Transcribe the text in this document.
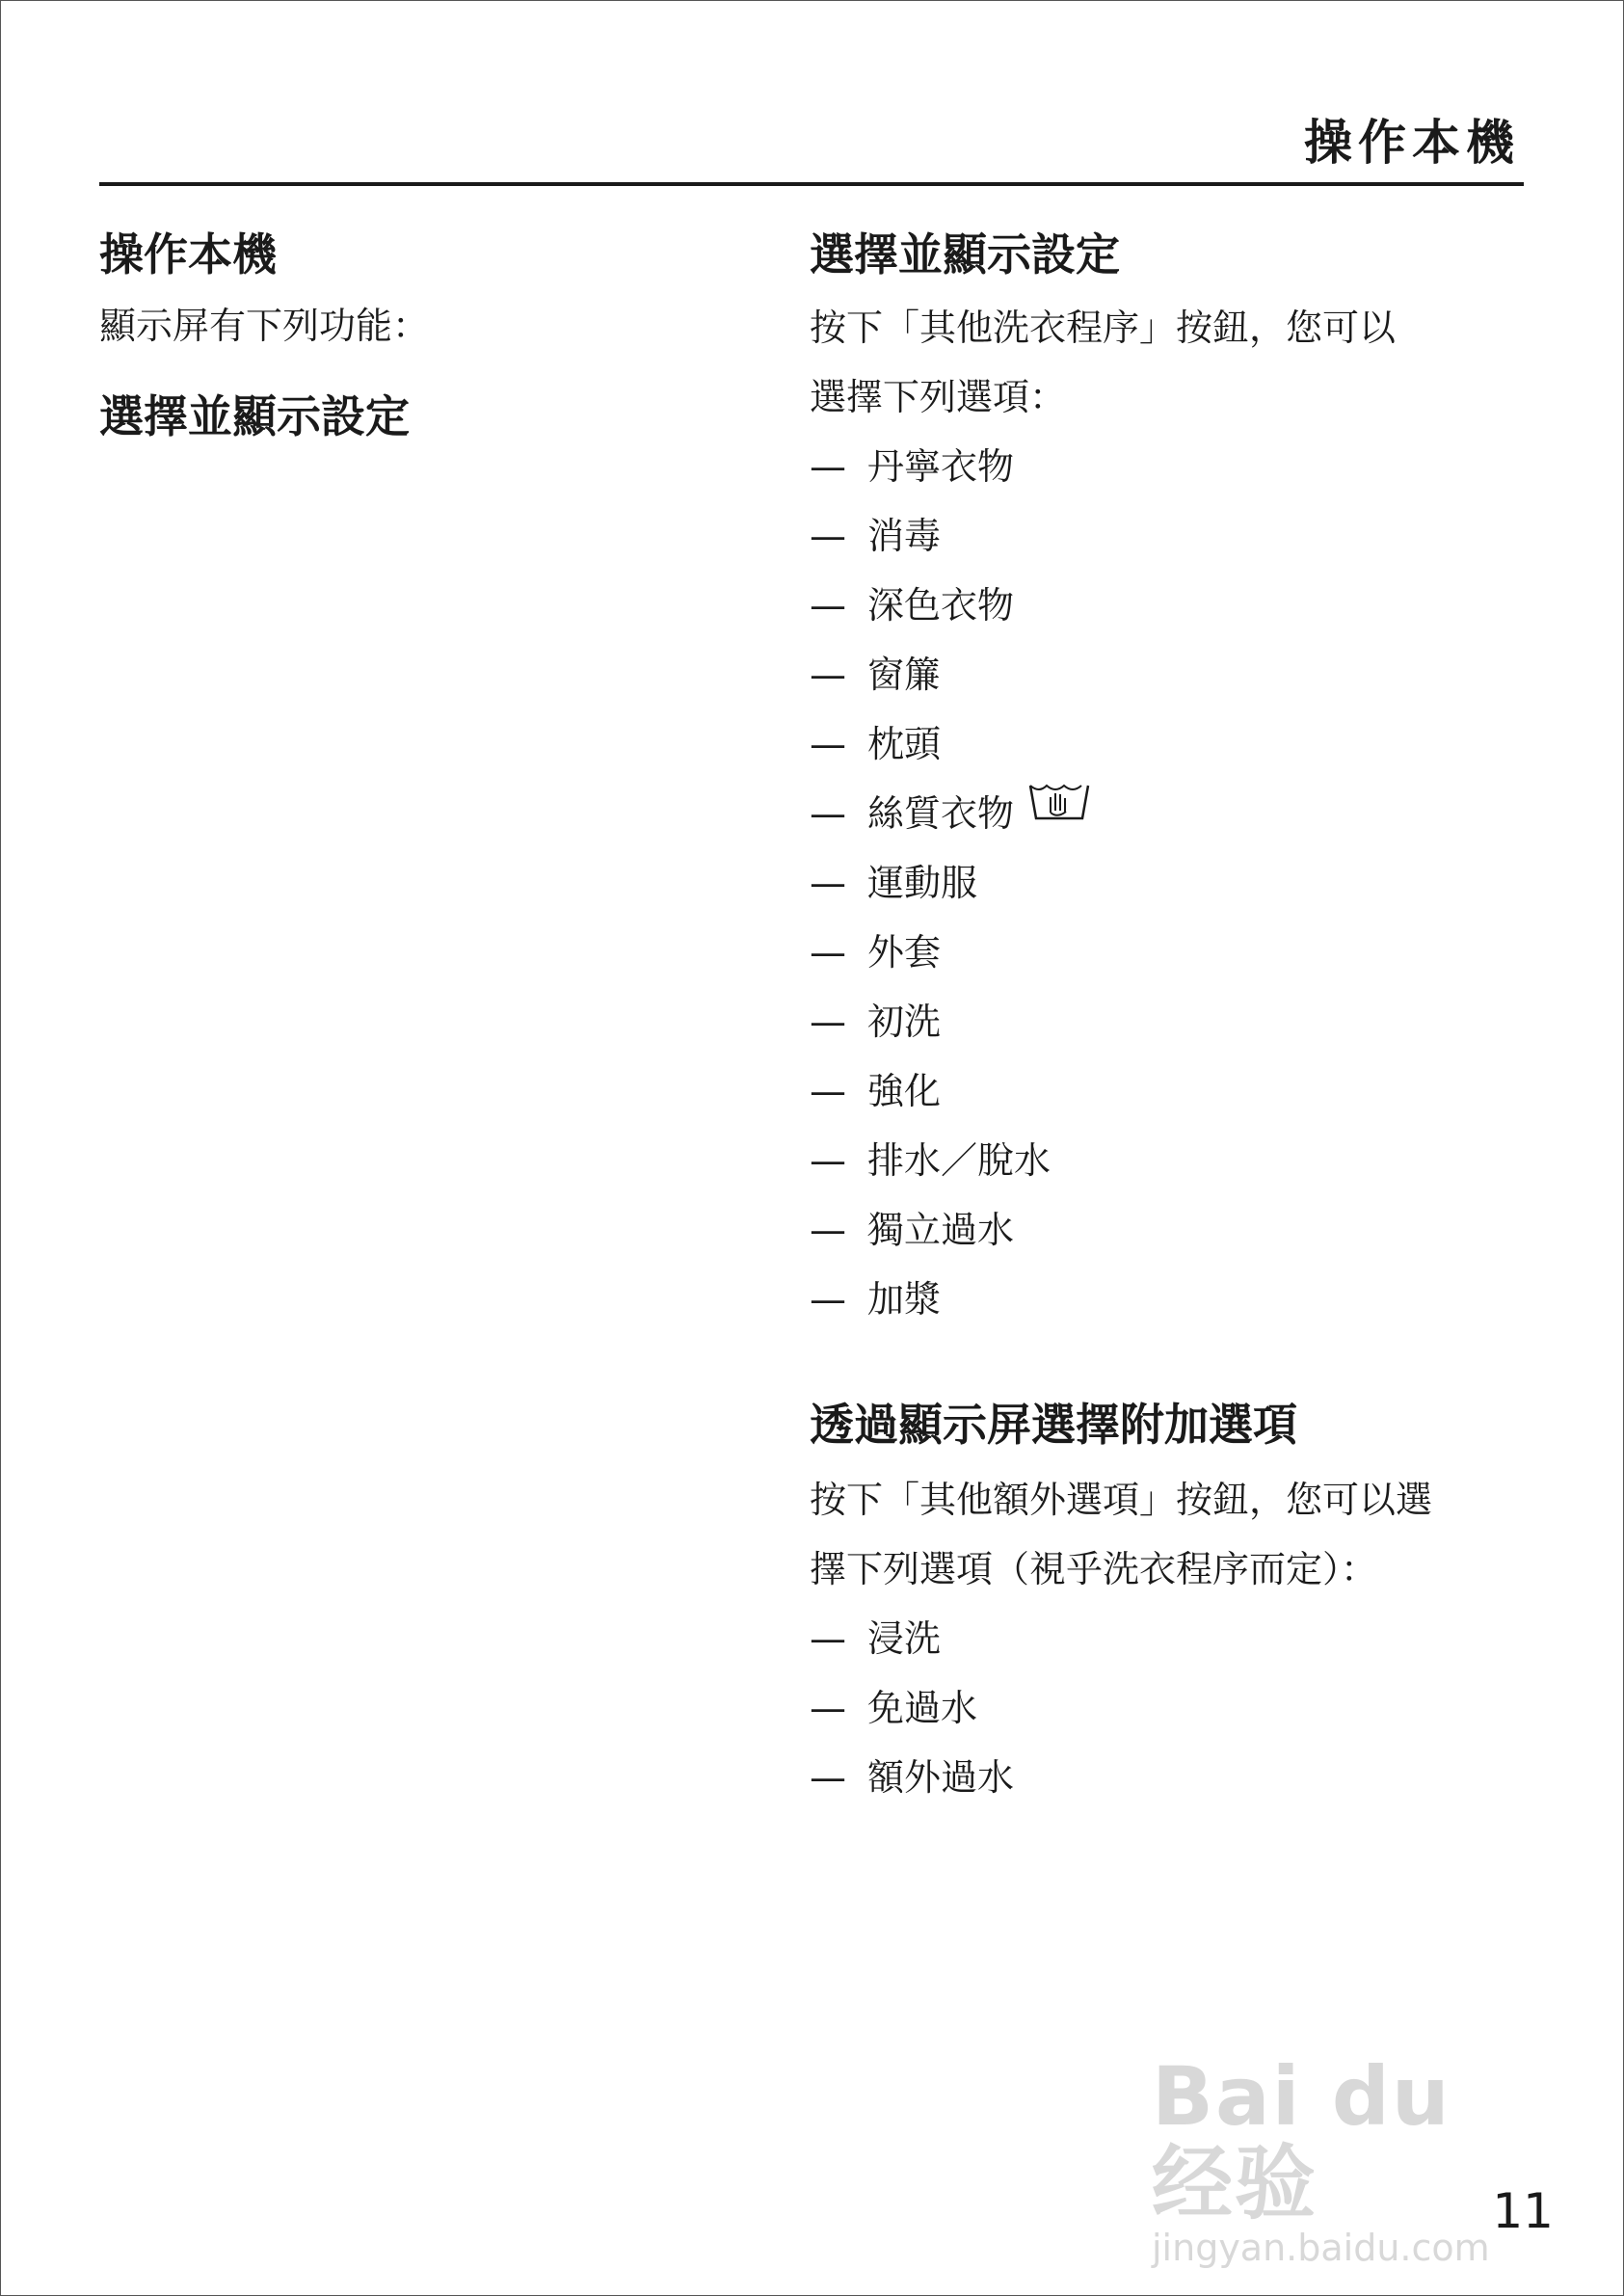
操作本機
操作本機

顯示屏有下列功能：

選擇並顯示設定
選擇並顯示設定

按下「其他洗衣程序」按鈕，您可以

選擇下列選項：

— 丹寧衣物
— 消毒
— 深色衣物
— 窗簾
— 枕頭
— 絲質衣物
— 運動服
— 外套
— 初洗
— 強化
— 排水／脫水
— 獨立過水
— 加漿
透過顯示屏選擇附加選項

按下「其他額外選項」按鈕，您可以選

擇下列選項（視乎洗衣程序而定）：

— 浸洗
— 免過水
— 額外過水
Bai du 经验
jingyan.baidu.com

11
